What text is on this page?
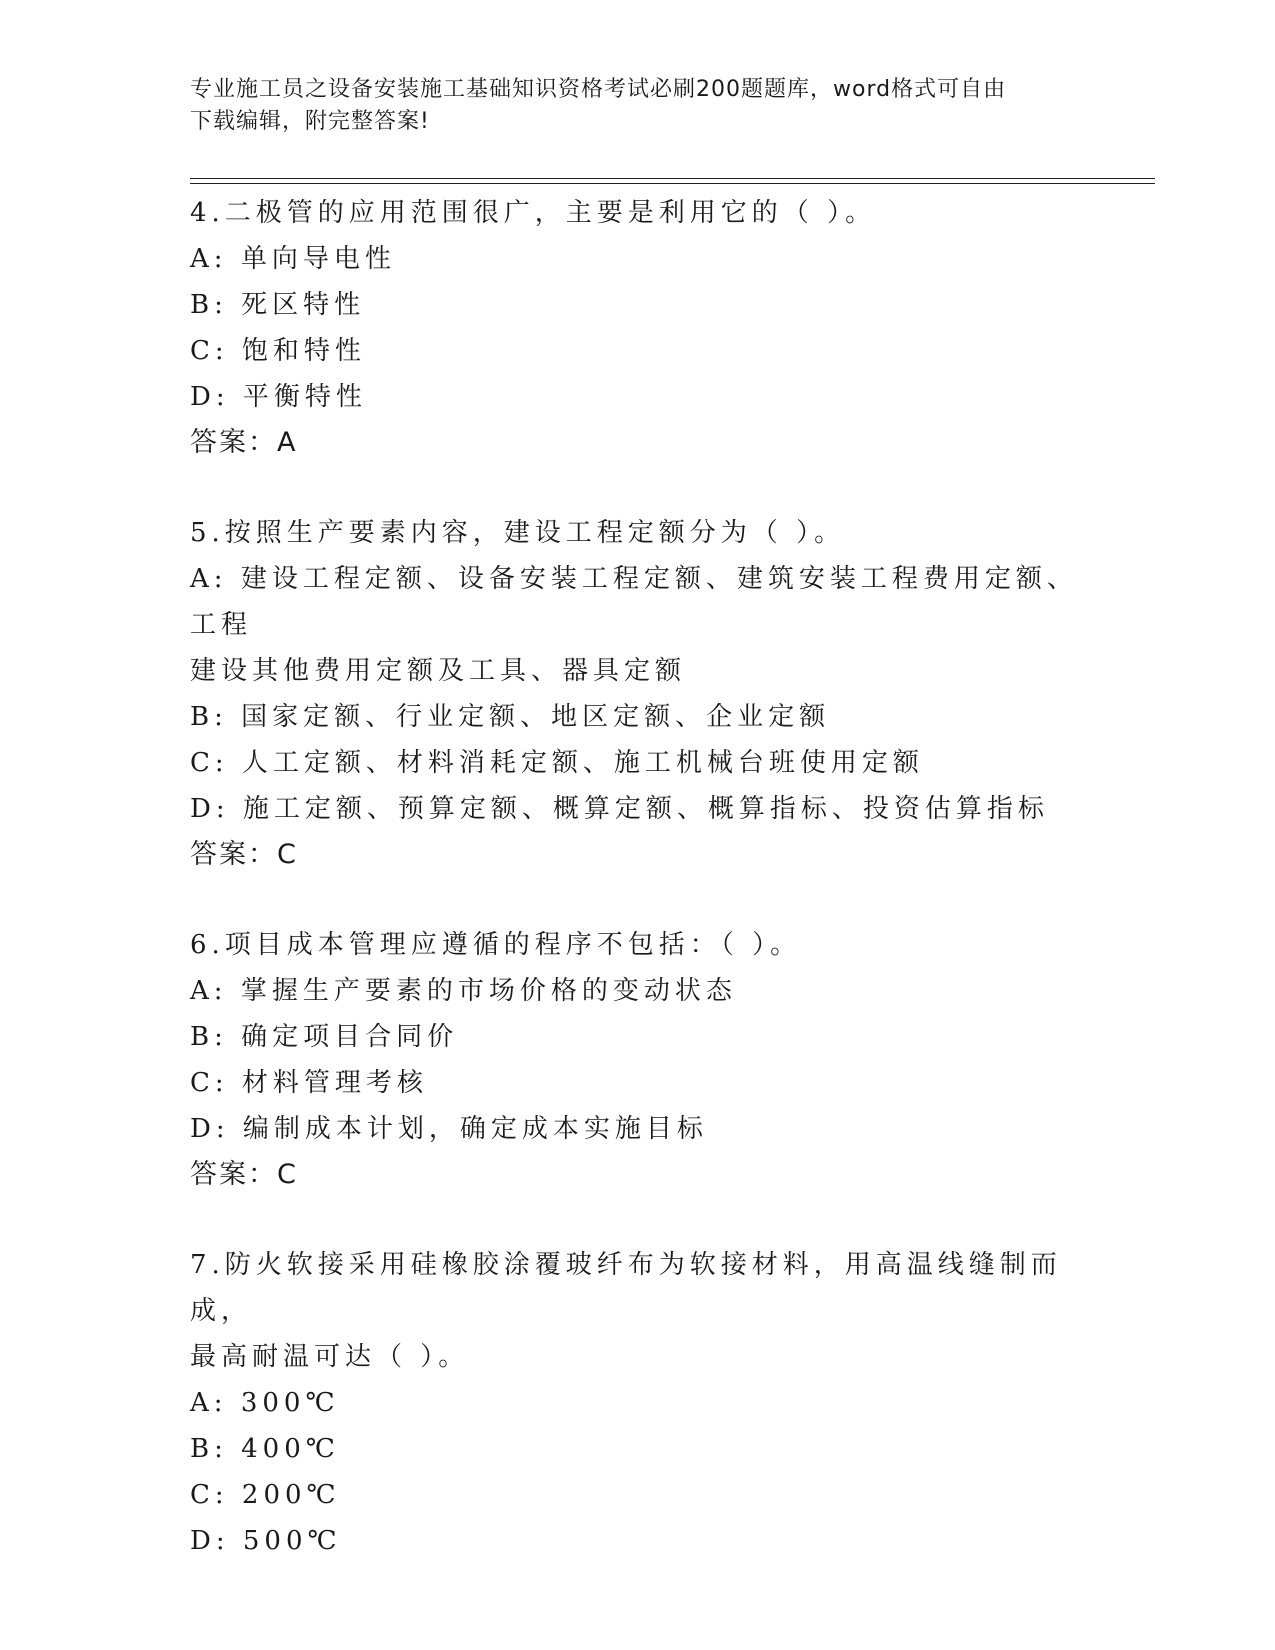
专业施工员之设备安装施工基础知识资格考试必刷200题题库，word格式可自由
下载编辑，附完整答案!
4.二极管的应用范围很广，主要是利用它的（ ）。
A: 单向导电性
B: 死区特性
C: 饱和特性
D: 平衡特性
答案：A
5.按照生产要素内容，建设工程定额分为（ ）。
A: 建设工程定额、设备安装工程定额、建筑安装工程费用定额、工程
建设其他费用定额及工具、器具定额
B: 国家定额、行业定额、地区定额、企业定额
C: 人工定额、材料消耗定额、施工机械台班使用定额
D: 施工定额、预算定额、概算定额、概算指标、投资估算指标
答案：C
6.项目成本管理应遵循的程序不包括：（ ）。
A: 掌握生产要素的市场价格的变动状态
B: 确定项目合同价
C: 材料管理考核
D: 编制成本计划，确定成本实施目标
答案：C
7.防火软接采用硅橡胶涂覆玻纤布为软接材料，用高温线缝制而成，
最高耐温可达（ ）。
A: 300℃
B: 400℃
C: 200℃
D: 500℃
